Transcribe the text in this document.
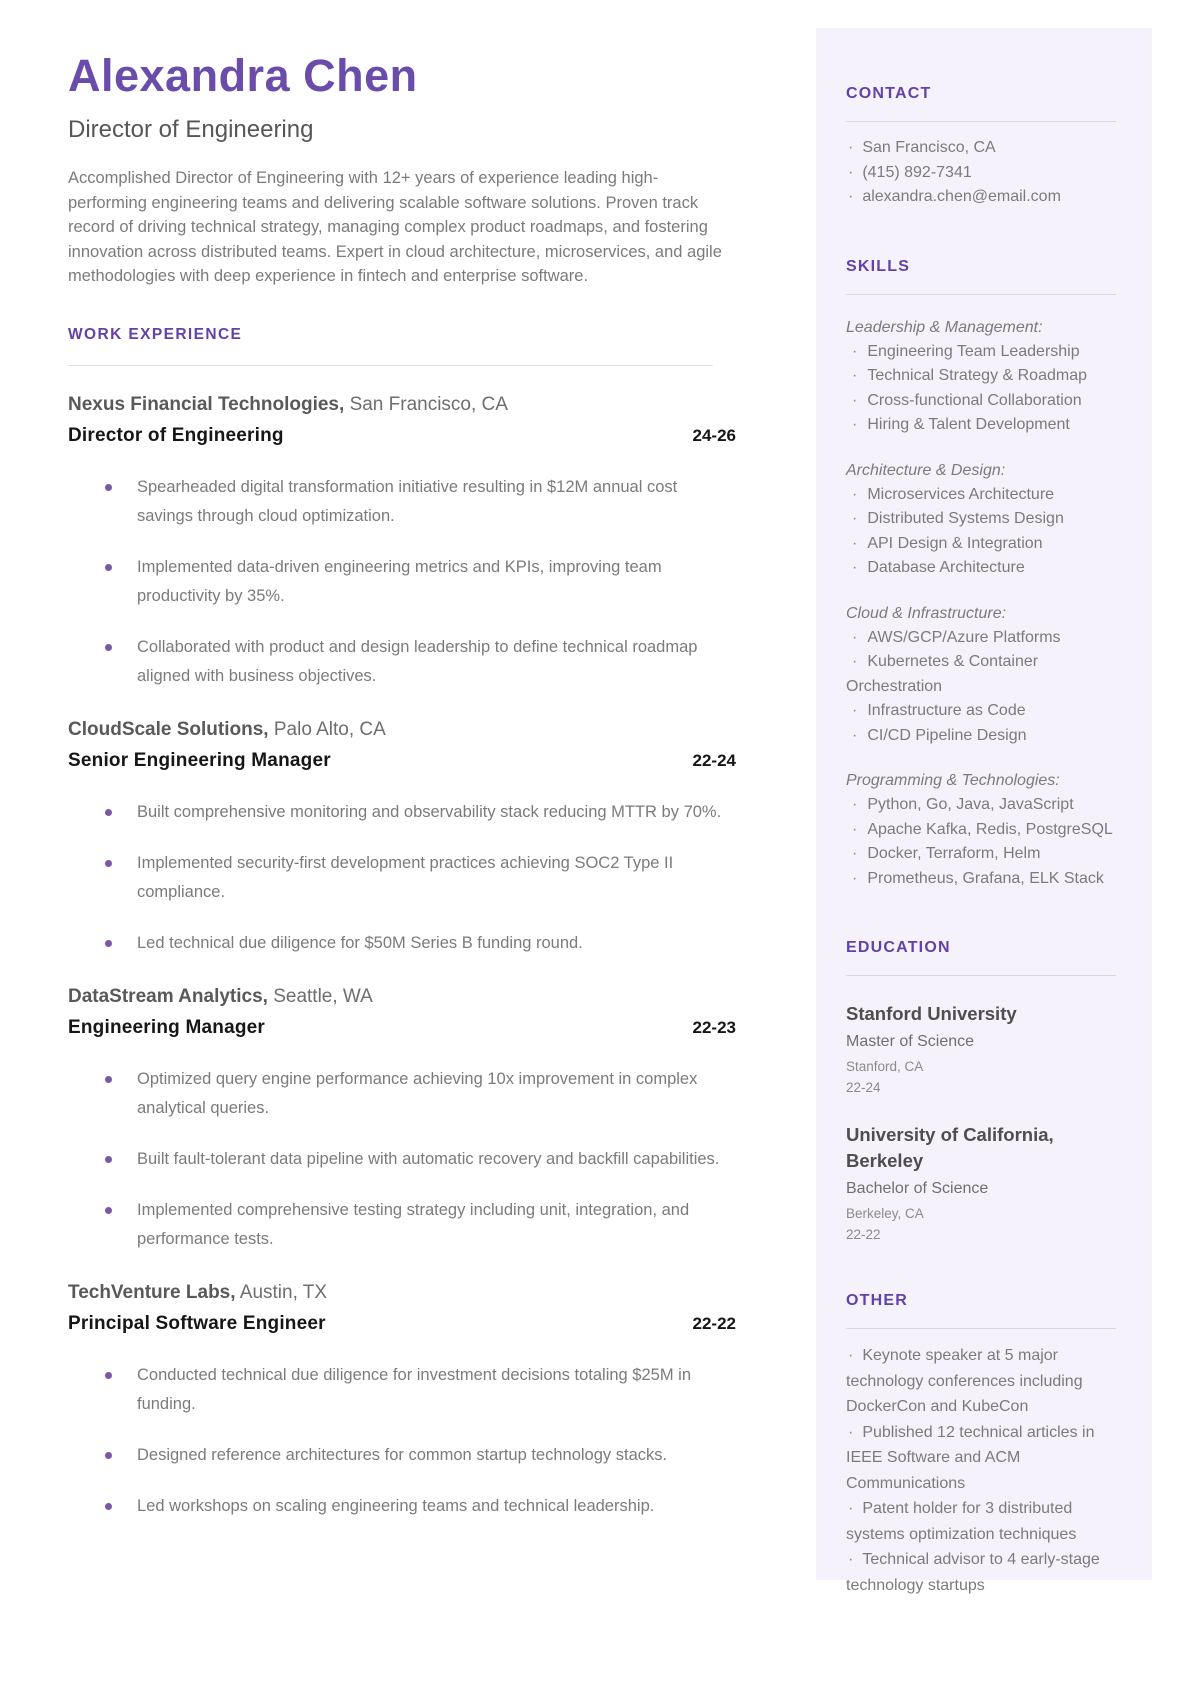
Alexandra Chen
Director of Engineering
Accomplished Director of Engineering with 12+ years of experience leading high-performing engineering teams and delivering scalable software solutions. Proven track record of driving technical strategy, managing complex product roadmaps, and fostering innovation across distributed teams. Expert in cloud architecture, microservices, and agile methodologies with deep experience in fintech and enterprise software.
WORK EXPERIENCE
Nexus Financial Technologies, San Francisco, CA
Director of Engineering	24-26
Spearheaded digital transformation initiative resulting in $12M annual cost savings through cloud optimization.
Implemented data-driven engineering metrics and KPIs, improving team productivity by 35%.
Collaborated with product and design leadership to define technical roadmap aligned with business objectives.
CloudScale Solutions, Palo Alto, CA
Senior Engineering Manager	22-24
Built comprehensive monitoring and observability stack reducing MTTR by 70%.
Implemented security-first development practices achieving SOC2 Type II compliance.
Led technical due diligence for $50M Series B funding round.
DataStream Analytics, Seattle, WA
Engineering Manager	22-23
Optimized query engine performance achieving 10x improvement in complex analytical queries.
Built fault-tolerant data pipeline with automatic recovery and backfill capabilities.
Implemented comprehensive testing strategy including unit, integration, and performance tests.
TechVenture Labs, Austin, TX
Principal Software Engineer	22-22
Conducted technical due diligence for investment decisions totaling $25M in funding.
Designed reference architectures for common startup technology stacks.
Led workshops on scaling engineering teams and technical leadership.
CONTACT
· San Francisco, CA
· (415) 892-7341
· alexandra.chen@email.com
SKILLS
Leadership & Management:
· Engineering Team Leadership
· Technical Strategy & Roadmap
· Cross-functional Collaboration
· Hiring & Talent Development
Architecture & Design:
· Microservices Architecture
· Distributed Systems Design
· API Design & Integration
· Database Architecture
Cloud & Infrastructure:
· AWS/GCP/Azure Platforms
· Kubernetes & Container Orchestration
· Infrastructure as Code
· CI/CD Pipeline Design
Programming & Technologies:
· Python, Go, Java, JavaScript
· Apache Kafka, Redis, PostgreSQL
· Docker, Terraform, Helm
· Prometheus, Grafana, ELK Stack
EDUCATION
Stanford University
Master of Science
Stanford, CA
22-24
University of California, Berkeley
Bachelor of Science
Berkeley, CA
22-22
OTHER
· Keynote speaker at 5 major technology conferences including DockerCon and KubeCon
· Published 12 technical articles in IEEE Software and ACM Communications
· Patent holder for 3 distributed systems optimization techniques
· Technical advisor to 4 early-stage technology startups
